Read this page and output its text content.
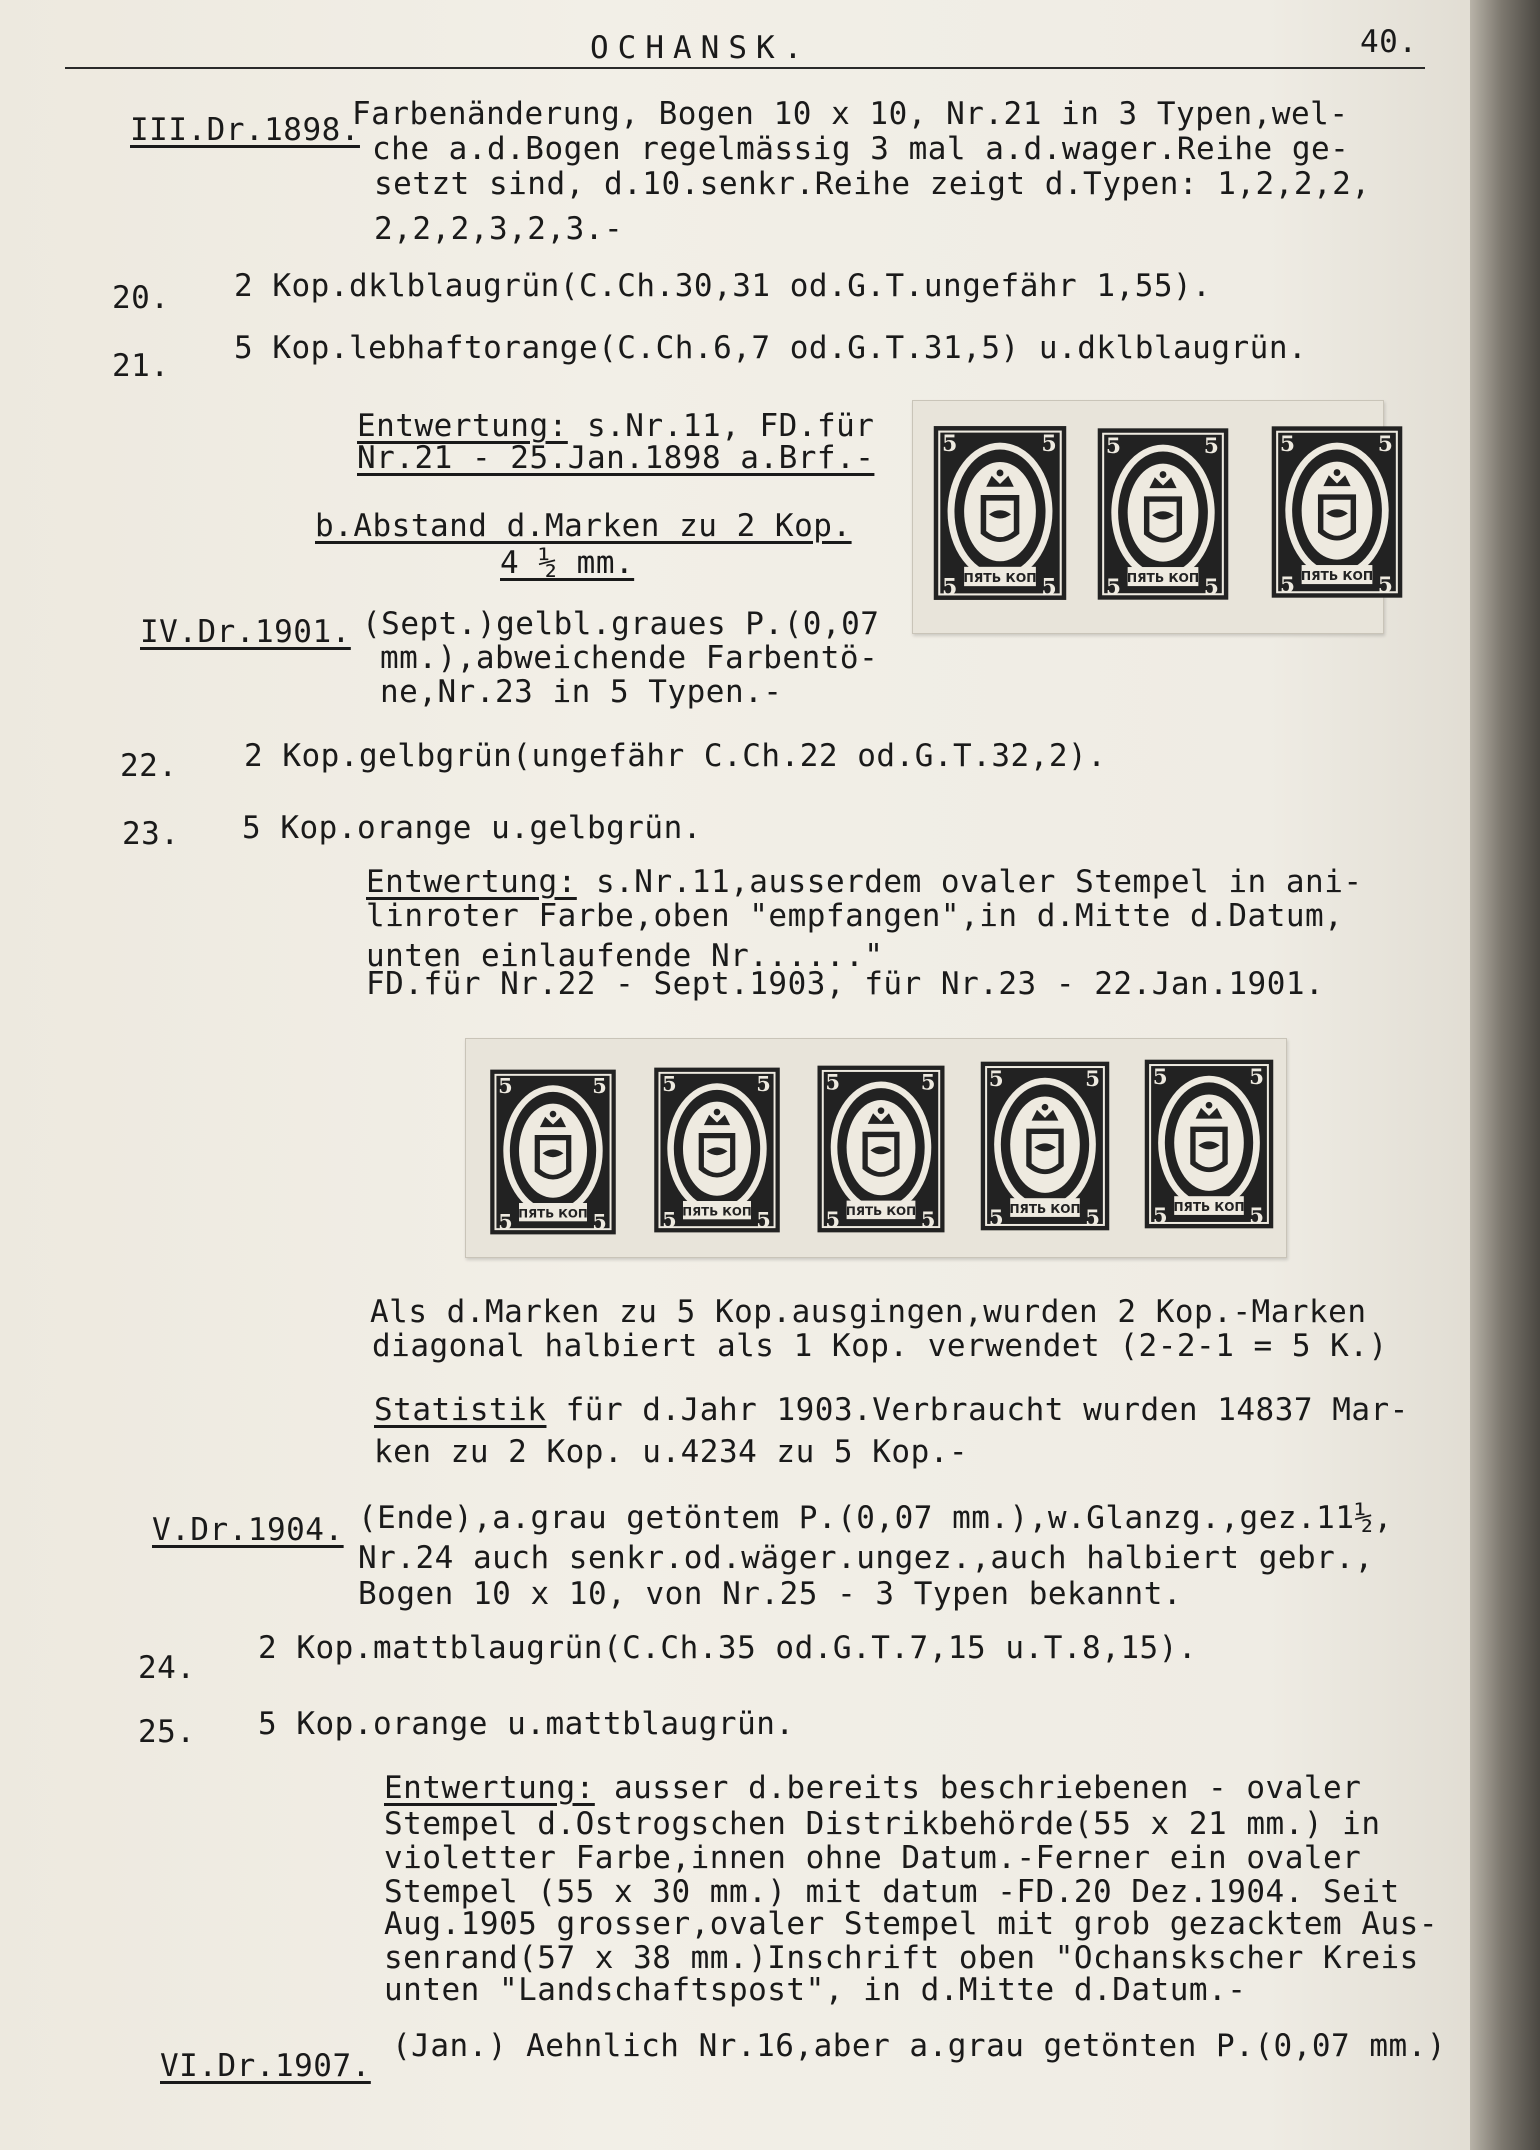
OCHANSK.	40.
III.Dr.1898.
Farbenänderung, Bogen 10 x 10, Nr.21 in 3 Typen,wel-
che a.d.Bogen regelmässig 3 mal a.d.wager.Reihe ge-
setzt sind, d.10.senkr.Reihe zeigt d.Typen: 1,2,2,2,
2,2,2,3,2,3.-
20. 2 Kop.dklblaugrün(C.Ch.30,31 od.G.T.ungefähr 1,55).
21. 5 Kop.lebhaftorange(C.Ch.6,7 od.G.T.31,5) u.dklblaugrün.
Entwertung: s.Nr.11, FD.für
Nr.21 - 25.Jan.1898 a.Brf.-
b.Abstand d.Marken zu 2 Kop.
4 ½ mm.
5	5
5	5
ПЯТЬ КОП
5	5
5	5
ПЯТЬ КОП
5	5
5	5
ПЯТЬ КОП
IV.Dr.1901. (Sept.)gelbl.graues P.(0,07
mm.),abweichende Farbentö-
ne,Nr.23 in 5 Typen.-
22. 2 Kop.gelbgrün(ungefähr C.Ch.22 od.G.T.32,2).
23. 5 Kop.orange u.gelbgrün.
Entwertung: s.Nr.11,ausserdem ovaler Stempel in ani-
linroter Farbe,oben "empfangen",in d.Mitte d.Datum,
unten einlaufende Nr......"
FD.für Nr.22 - Sept.1903, für Nr.23 - 22.Jan.1901.
5	5
5	5
ПЯТЬ КОП
5	5
5	5
ПЯТЬ КОП
5	5
5	5
ПЯТЬ КОП
5	5
5	5
ПЯТЬ КОП
5	5
5	5
ПЯТЬ КОП
Als d.Marken zu 5 Kop.ausgingen,wurden 2 Kop.-Marken
diagonal halbiert als 1 Kop. verwendet (2-2-1 = 5 K.)
Statistik für d.Jahr 1903.Verbraucht wurden 14837 Mar-
ken zu 2 Kop. u.4234 zu 5 Kop.-
V.Dr.1904. (Ende),a.grau getöntem P.(0,07 mm.),w.Glanzg.,gez.11½,
Nr.24 auch senkr.od.wäger.ungez.,auch halbiert gebr.,
Bogen 10 x 10, von Nr.25 - 3 Typen bekannt.
24.
2 Kop.mattblaugrün(C.Ch.35 od.G.T.7,15 u.T.8,15).
25. 5 Kop.orange u.mattblaugrün.
Entwertung: ausser d.bereits beschriebenen - ovaler
Stempel d.Ostrogschen Distrikbehörde(55 x 21 mm.) in
violetter Farbe,innen ohne Datum.-Ferner ein ovaler
Stempel (55 x 30 mm.) mit datum -FD.20 Dez.1904. Seit
Aug.1905 grosser,ovaler Stempel mit grob gezacktem Aus-
senrand(57 x 38 mm.)Inschrift oben "Ochanskscher Kreis
unten "Landschaftspost", in d.Mitte d.Datum.-
VI.Dr.1907.
(Jan.) Aehnlich Nr.16,aber a.grau getönten P.(0,07 mm.)
